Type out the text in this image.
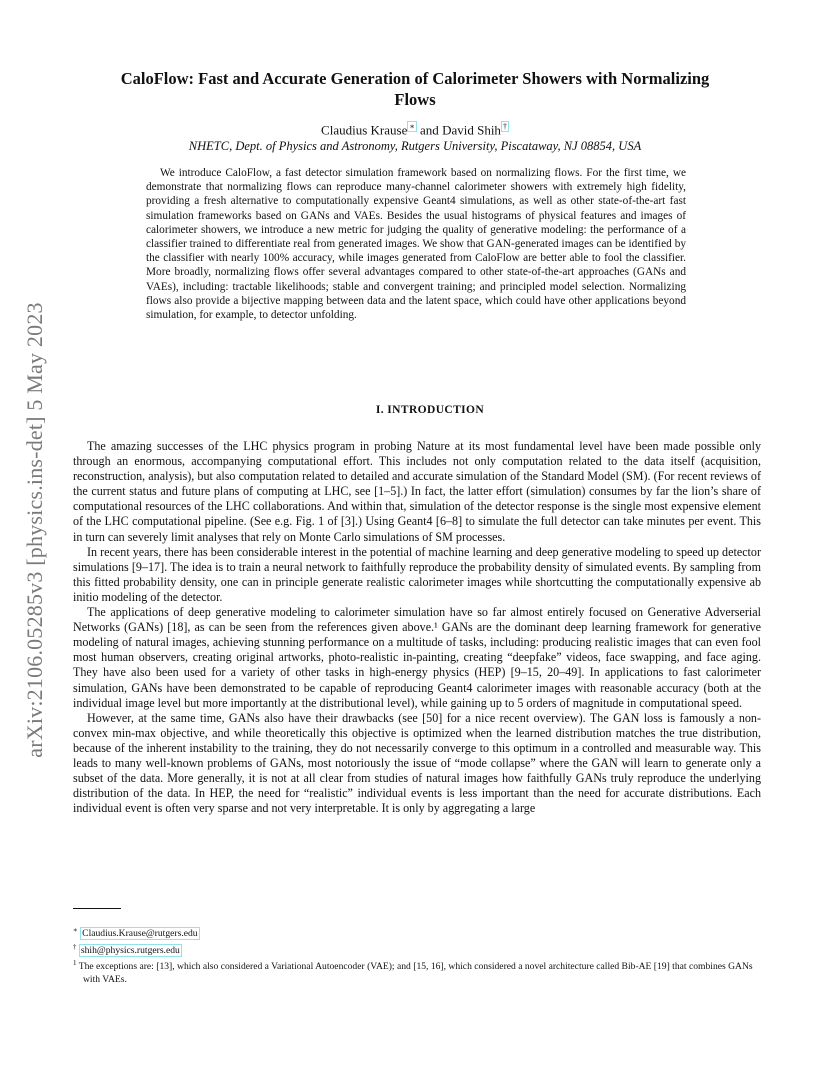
arXiv:2106.05285v3 [physics.ins-det] 5 May 2023
CaloFlow: Fast and Accurate Generation of Calorimeter Showers with Normalizing
Flows
Claudius Krause ∗ and David Shih †
NHETC, Dept. of Physics and Astronomy, Rutgers University, Piscataway, NJ 08854, USA

We introduce CaloFlow, a fast detector simulation framework based on normalizing flows. For the first time, we demonstrate that normalizing flows can reproduce many-channel calorimeter showers with extremely high fidelity, providing a fresh alternative to computationally expensive Geant4 simulations, as well as other state-of-the-art fast simulation frameworks based on GANs and VAEs. Besides the usual histograms of physical features and images of calorimeter showers, we introduce a new metric for judging the quality of generative modeling: the performance of a classifier trained to differentiate real from generated images. We show that GAN-generated images can be identified by the classifier with nearly 100% accuracy, while images generated from CaloFlow are better able to fool the classifier. More broadly, normalizing flows offer several advantages compared to other state-of-the-art approaches (GANs and VAEs), including: tractable likelihoods; stable and convergent training; and principled model selection. Normalizing flows also provide a bijective mapping between data and the latent space, which could have other applications beyond simulation, for example, to detector unfolding.

I. INTRODUCTION

The amazing successes of the LHC physics program in probing Nature at its most fundamental level have been made possible only through an enormous, accompanying computational effort. This includes not only computation related to the data itself (acquisition, reconstruction, analysis), but also computation related to detailed and accurate simulation of the Standard Model (SM). (For recent reviews of the current status and future plans of computing at LHC, see [1–5].) In fact, the latter effort (simulation) consumes by far the lion’s share of computational resources of the LHC collaborations. And within that, simulation of the detector response is the single most expensive element of the LHC computational pipeline. (See e.g. Fig. 1 of [3].) Using Geant4 [6–8] to simulate the full detector can take minutes per event. This in turn can severely limit analyses that rely on Monte Carlo simulations of SM processes.

In recent years, there has been considerable interest in the potential of machine learning and deep generative modeling to speed up detector simulations [9–17]. The idea is to train a neural network to faithfully reproduce the probability density of simulated events. By sampling from this fitted probability density, one can in principle generate realistic calorimeter images while shortcutting the computationally expensive ab initio modeling of the detector.

The applications of deep generative modeling to calorimeter simulation have so far almost entirely focused on Generative Adverserial Networks (GANs) [18], as can be seen from the references given above.¹ GANs are the dominant deep learning framework for generative modeling of natural images, achieving stunning performance on a multitude of tasks, including: producing realistic images that can even fool most human observers, creating original artworks, photo-realistic in-painting, creating “deepfake” videos, face swapping, and face aging. They have also been used for a variety of other tasks in high-energy physics (HEP) [9–15, 20–49]. In applications to fast calorimeter simulation, GANs have been demonstrated to be capable of reproducing Geant4 calorimeter images with reasonable accuracy (both at the individual image level but more importantly at the distributional level), while gaining up to 5 orders of magnitude in computational speed.

However, at the same time, GANs also have their drawbacks (see [50] for a nice recent overview). The GAN loss is famously a non-convex min-max objective, and while theoretically this objective is optimized when the learned distribution matches the true distribution, because of the inherent instability to the training, they do not necessarily converge to this optimum in a controlled and measurable way. This leads to many well-known problems of GANs, most notoriously the issue of “mode collapse” where the GAN will learn to generate only a subset of the data. More generally, it is not at all clear from studies of natural images how faithfully GANs truly reproduce the underlying distribution of the data. In HEP, the need for “realistic” individual events is less important than the need for accurate distributions. Each individual event is often very sparse and not very interpretable. It is only by aggregating a large

∗ Claudius.Krause@rutgers.edu
† shih@physics.rutgers.edu
$^1$ The exceptions are: [13], which also considered a Variational Autoencoder (VAE); and [15, 16], which considered a novel architecture called Bib-AE [19] that combines GANs with VAEs.
